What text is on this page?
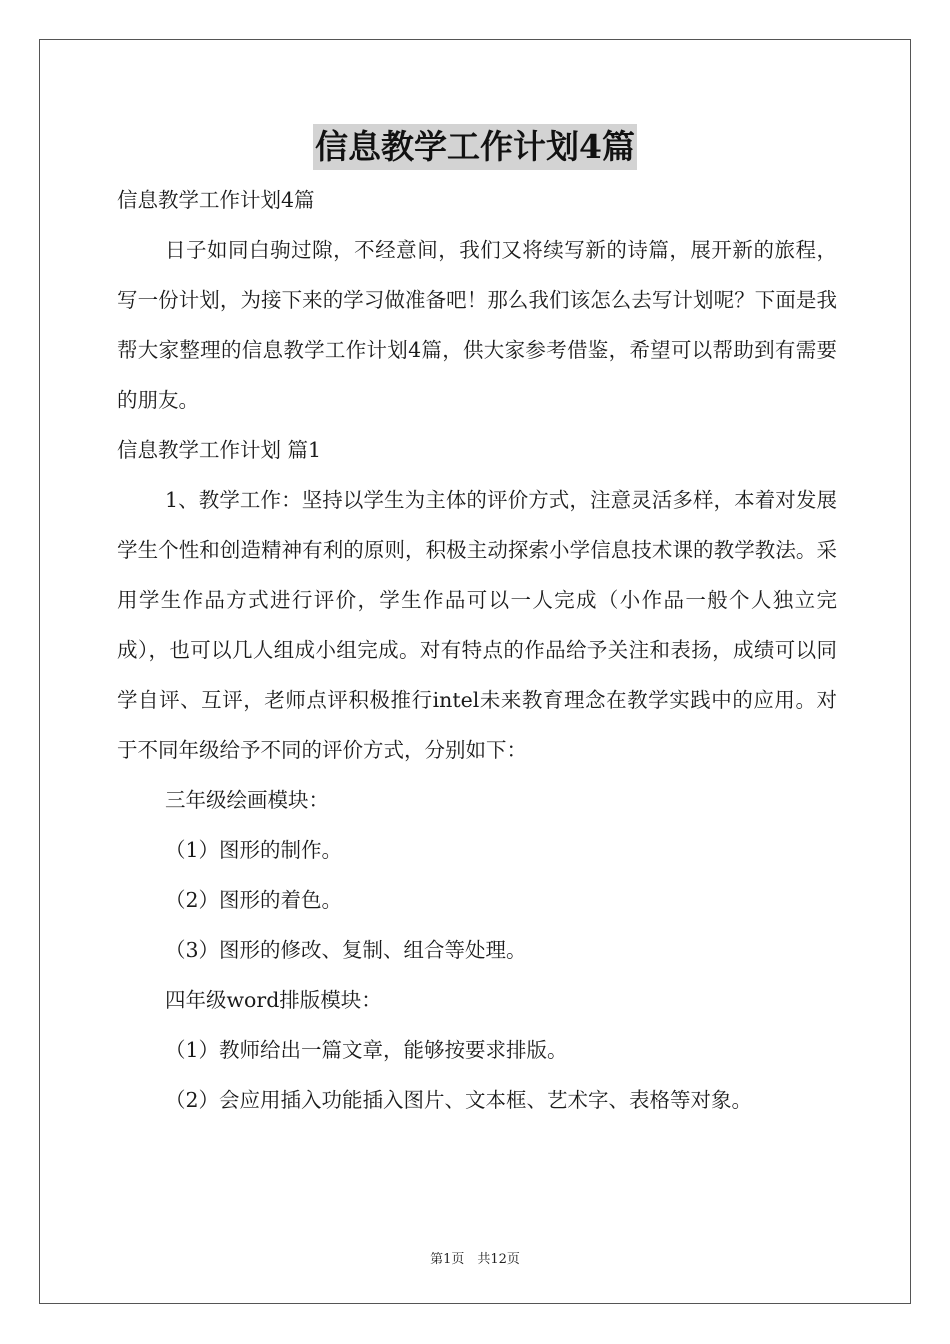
信息教学工作计划4篇

信息教学工作计划4篇

日子如同白驹过隙，不经意间，我们又将续写新的诗篇，展开新的旅程，写一份计划，为接下来的学习做准备吧！那么我们该怎么去写计划呢？下面是我帮大家整理的信息教学工作计划4篇，供大家参考借鉴，希望可以帮助到有需要的朋友。

信息教学工作计划 篇1

1、教学工作：坚持以学生为主体的评价方式，注意灵活多样，本着对发展学生个性和创造精神有利的原则，积极主动探索小学信息技术课的教学教法。采用学生作品方式进行评价，学生作品可以一人完成（小作品一般个人独立完成），也可以几人组成小组完成。对有特点的作品给予关注和表扬，成绩可以同学自评、互评，老师点评积极推行intel未来教育理念在教学实践中的应用。对于不同年级给予不同的评价方式，分别如下：

三年级绘画模块：

（1）图形的制作。

（2）图形的着色。

（3）图形的修改、复制、组合等处理。

四年级word排版模块：

（1）教师给出一篇文章，能够按要求排版。

（2）会应用插入功能插入图片、文本框、艺术字、表格等对象。

第1页　共12页
